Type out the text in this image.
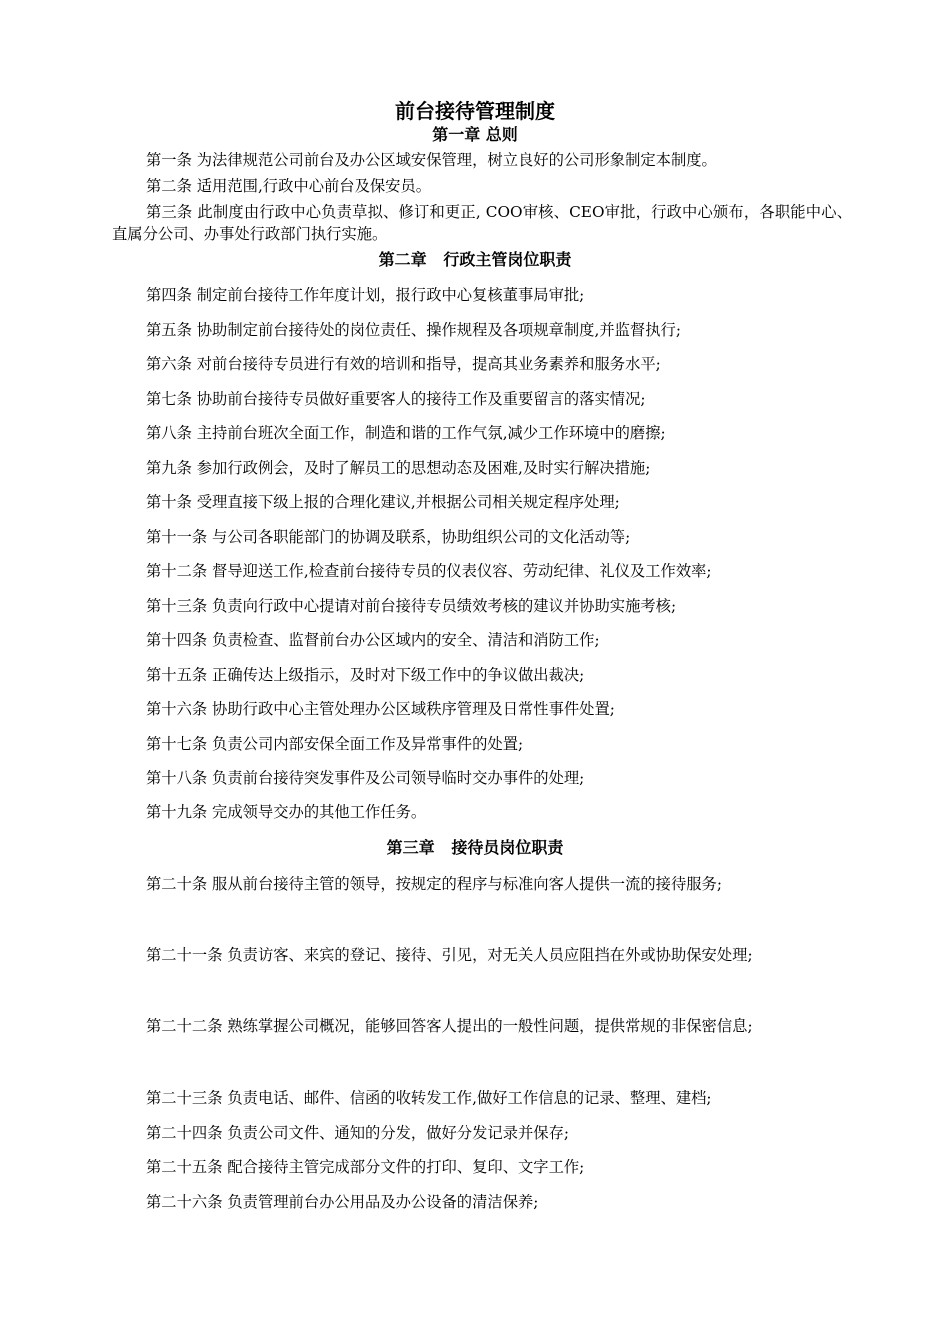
前台接待管理制度
第一章 总则
第一条 为法律规范公司前台及办公区域安保管理，树立良好的公司形象制定本制度。
第二条 适用范围,行政中心前台及保安员。
第三条 此制度由行政中心负责草拟、修订和更正, COO审核、CEO审批，行政中心颁布，各职能中心、直属分公司、办事处行政部门执行实施。
第二章   行政主管岗位职责
第四条 制定前台接待工作年度计划，报行政中心复核董事局审批;
第五条 协助制定前台接待处的岗位责任、操作规程及各项规章制度,并监督执行;
第六条 对前台接待专员进行有效的培训和指导，提高其业务素养和服务水平;
第七条 协助前台接待专员做好重要客人的接待工作及重要留言的落实情况;
第八条 主持前台班次全面工作，制造和谐的工作气氛,减少工作环境中的磨擦;
第九条 参加行政例会，及时了解员工的思想动态及困难,及时实行解决措施;
第十条 受理直接下级上报的合理化建议,并根据公司相关规定程序处理;
第十一条 与公司各职能部门的协调及联系，协助组织公司的文化活动等;
第十二条 督导迎送工作,检查前台接待专员的仪表仪容、劳动纪律、礼仪及工作效率;
第十三条 负责向行政中心提请对前台接待专员绩效考核的建议并协助实施考核;
第十四条 负责检查、监督前台办公区域内的安全、清洁和消防工作;
第十五条 正确传达上级指示，及时对下级工作中的争议做出裁决;
第十六条 协助行政中心主管处理办公区域秩序管理及日常性事件处置;
第十七条 负责公司内部安保全面工作及异常事件的处置;
第十八条 负责前台接待突发事件及公司领导临时交办事件的处理;
第十九条 完成领导交办的其他工作任务。
第三章   接待员岗位职责
第二十条 服从前台接待主管的领导，按规定的程序与标准向客人提供一流的接待服务;
第二十一条 负责访客、来宾的登记、接待、引见，对无关人员应阻挡在外或协助保安处理;
第二十二条 熟练掌握公司概况，能够回答客人提出的一般性问题，提供常规的非保密信息;
第二十三条 负责电话、邮件、信函的收转发工作,做好工作信息的记录、整理、建档;
第二十四条 负责公司文件、通知的分发，做好分发记录并保存;
第二十五条 配合接待主管完成部分文件的打印、复印、文字工作;
第二十六条 负责管理前台办公用品及办公设备的清洁保养;
